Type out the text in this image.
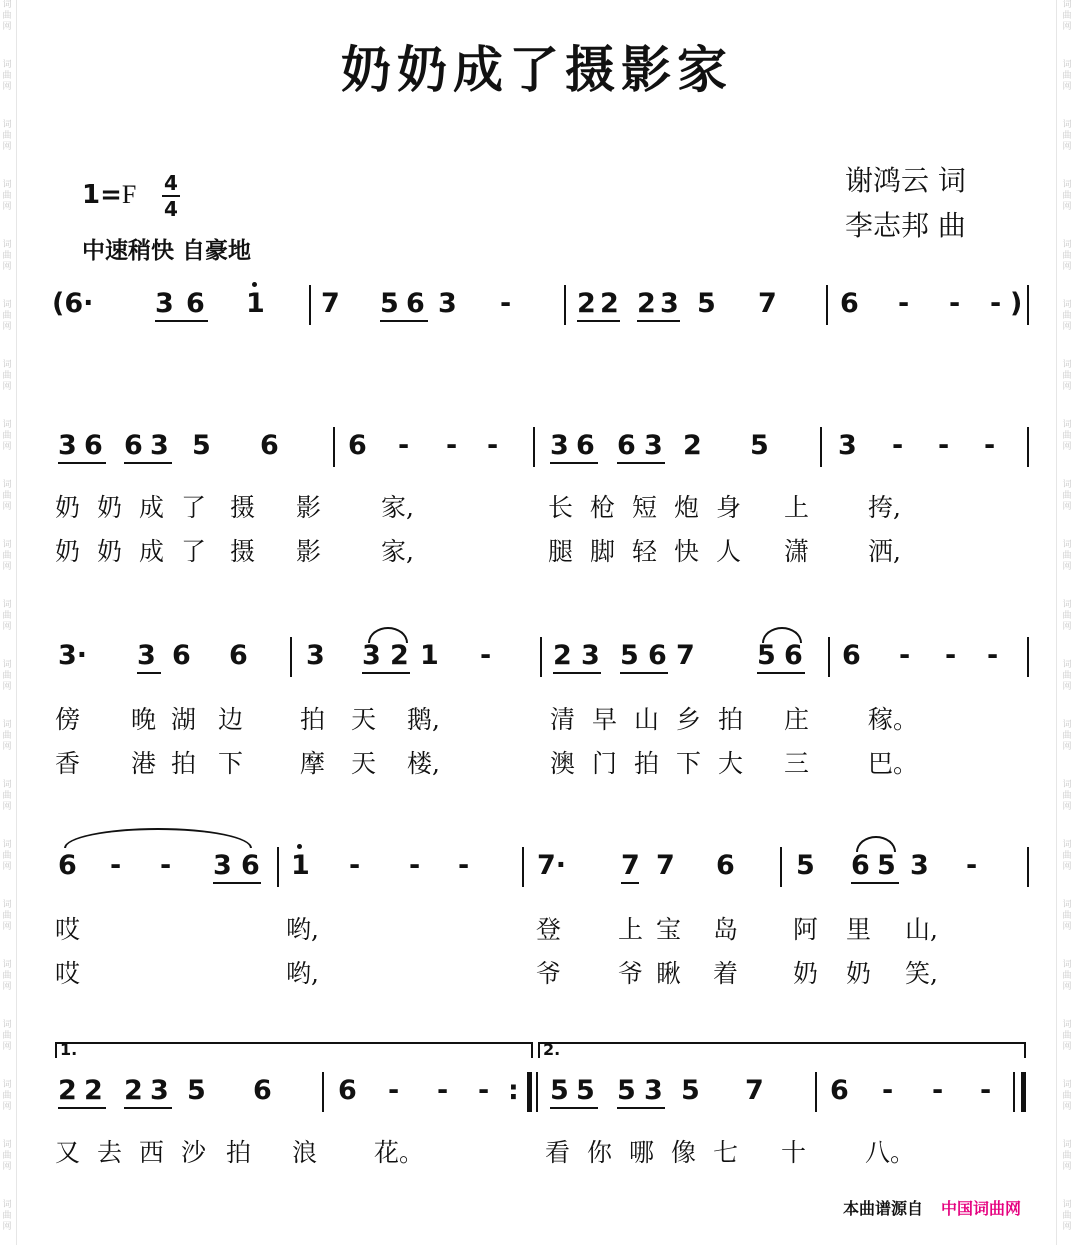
词
曲
网
词
曲
网
词
曲
网
词
曲
网
词
曲
网
词
曲
网
词
曲
网
词
曲
网
词
曲
网
词
曲
网
词
曲
网
词
曲
网
词
曲
网
词
曲
网
词
曲
网
词
曲
网
词
曲
网
词
曲
网
词
曲
网
词
曲
网
词
曲
网
词
曲
网
词
曲
网
词
曲
网
词
曲
网
词
曲
网
词
曲
网
词
曲
网
词
曲
网
词
曲
网
词
曲
网
词
曲
网
词
曲
网
词
曲
网
词
曲
网
词
曲
网
词
曲
网
词
曲
网
词
曲
网
词
曲
网
词
曲
网
词
曲
网
奶奶成了摄影家
1=F 4
4
中速稍快 自豪地
谢鸿云 词
李志邦 曲
(6· 3 6 1 7 5 6 3 - 2 2 2 3 5 7 6 - - - )
3 6 6 3 5 6	6 - - - 3 6 6 3 2 5	3 - - -
奶 奶 成 了 摄 影 家,	长 枪 短 炮 身 上 挎,
奶 奶 成 了 摄 影 家,	腿 脚 轻 快 人 潇 洒,
3· 3 6 6 3 3 2 1 - 2 3 5 6 7 5 6 6 - - -
傍 晚 湖 边 拍 天 鹅,	清 早 山 乡 拍 庄 稼。
香 港 拍 下 摩 天 楼,	澳 门 拍 下 大 三 巴。
6 - - 3 6 1 - - -	7· 7 7 6 5 6 5 3 -
哎	哟,	登 上 宝 岛 阿 里 山,
哎	哟,	爷 爷 瞅 着 奶 奶 笑,
1.	2.
2 2 2 3 5 6 6 - - - : 5 5 5 3 5 7 6 - - -
又 去 西 沙 拍 浪 花。	看 你 哪 像 七 十 八。
本曲谱源自 中国词曲网
